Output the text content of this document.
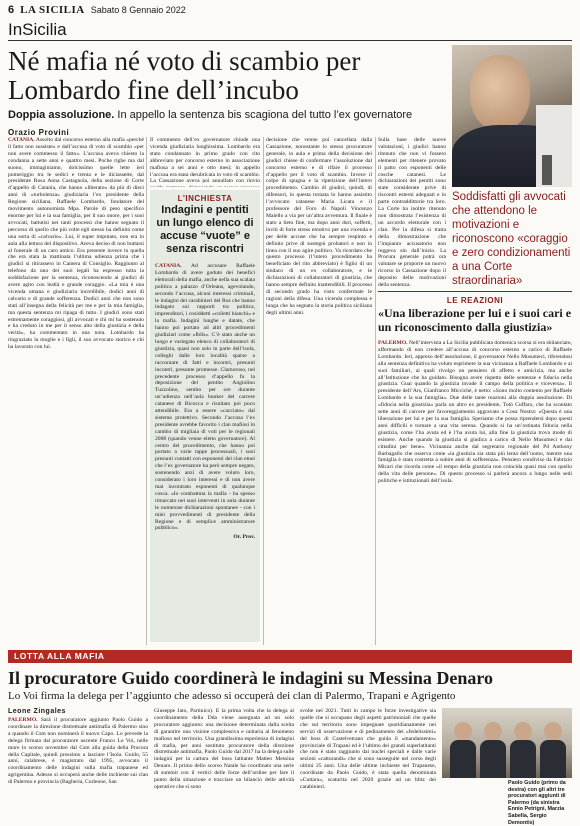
6 LA SICILIA Sabato 8 Gennaio 2022
InSicilia
Né mafia né voto di scambio per Lombardo fine dell’incubo
Doppia assoluzione. In appello la sentenza bis scagiona del tutto l’ex governatore
Orazio Provini
CATANIA. Assolto dal concorso esterno alla mafia «perché il fatto non sussiste» e dall’accusa di voto di scambio «per non avere commesso il fatto». L’accusa aveva chiesto la condanna a sette anni e quattro mesi. Poche righe ma dal suono, immaginiamo, dolcissimo quelle lette ieri pomeriggio tra le sedici e trenta e le diciassette, dal presidente Rosa Anna Castagnola, della sezione di Corte d’appello di Catania, che hanno «liberato» da più di dieci anni di «turbolenza» giudiziaria l’ex presidente della Regione siciliana, Raffaele Lombardo, fondatore del movimento autonomista Mpa. Parole di peso specifico enorme per lui e la sua famiglia, per il suo onore, per i suoi avvocati, battutisi nei tanti processi che hanno segnato il percorso di quello che più volte egli stesso ha definito come una sorta di «calvario». Lui, il super imputato, non era in aula alla lettura del dispositivo. Aveva deciso di non buttarsi al funerale di un caro amico. Era presente invece in quella che era stata la mattinata l’ultima udienza prima che i giudici si ritirassero in Camera di Consiglio. Raggiunto al telefono da uno dei suoi legali ha espresso tutta la soddisfazione per la sentenza, riconoscendo ai giudici di avere agito con lealtà e grande coraggio. «La mia è una vicenda umana e giudiziaria incredibile, dodici anni di calvario e di grande sofferenza. Dodici anni che non sono stati all’insegna della felicità per me e per la mia famiglia, ma questa sentenza mi ripaga di tutto. I giudici sono stati estremamente coraggiosi, gli avvocati e chi mi ha sostenuto e ha creduto in me per il senso alto della giustizia e della verità», ha commentato in una nota. Lombardo ha ringraziato la moglie e i figli, il suo avvocato storico e chi ha lavorato con lui.
Il commento dell’ex governatore chiude una vicenda giudiziaria lunghissima. Lombardo era stato condannato in primo grado con rito abbreviato per concorso esterno in associazione mafiosa a sei anni e otto mesi; in appello l’accusa era stata derubricata in voto di scambio. La Cassazione aveva poi annullato con rinvio
L'INCHIESTA
Indagini e pentiti un lungo elenco di accuse “vuote” e senza riscontri
CATANIA. Ad accusare Raffaele Lombardo di avere goduto dei benefici elettorali della mafia, anche nella sua scalata politica a palazzo d’Orleans, agevolando, secondo l’accusa, alcuni interessi criminali, le indagini dei carabinieri del Ros che hanno indagato sui rapporti tra politica, imprenditori, i cosiddetti «colletti bianchi» e la mafia. Indagini lunghe e datate, che hanno poi portato ad altri procedimenti giudiziari come «Iblis». C’è stato anche un lungo e variegato elenco di collaboratori di giustizia, quasi non solo in parte dell’isola, colleghi dalle loro località sparse a raccontare di fatti e incontri, presunti incontri, presunte promesse. Clamoroso, nel precedente processo d’appello fu la deposizione del pentito Angiolino Tuzzolino, sentito per ore durante un’udienza nell’aula bunker del carcere catanese di Bicocca e risultato poi poco attendibile. Era a essere «cacciato» dal sistema protettivo. Secondo l’accusa l’ex presidente avrebbe favorito i clan mafiosi in cambio di migliaia di voti per le regionali 2008 (quando venne eletto governatore). Al centro del procedimento, che hanno poi portato a varie tappe processuali, i suoi presunti contatti con esponenti dei clan etnei che l’ex governatore ha però sempre negato, sostenendo anzi di avere voluto loro, considerato i loro interessi e di non avere mai incontrato esponenti di qualunque cosca. «Io combattuta la mafia - ha spesso rimarcato nei suoi interventi in aula durante le numerose dichiarazioni spontanee - con i miei provvedimenti di presidente della Regione e di semplice amministratore pubblico».
Or. Prov.
decisione che venne poi cancellata dalla Cassazione, nonostante lo stesso procuratore generale, in aula e prima della decisione dei giudici chiese di confermare l’assoluzione dal concorso esterno e di rifare il processo d’appello per il voto di scambio. Invece il colpo di spugna e la ripetizione dell’intero procedimento. Cambio di giudici, quindi, di difensori, in questa tornata lo hanno assistito l’avvocato catanese Maria Licata e il professore del Foro di Napoli Vincenzo Maiello a via per un’altra avventura. Il finale è stato a lieto fine, ma dopo anni duri, sofferti, inviti di forte stress emotivo per una vicenda e per delle accuse che ha sempre respinto e definito prive di sostegni probatori e non in linea con il suo agire politico. Va ricordato che questo processo (l’intero procedimento ha beneficiato del rito abbreviato) è figlio di un sindaco di un ex collaboratore, e le dichiarazioni di collaboratori di giustizia, che hanno sempre definito inattendibili. Il processo di secondo grado ha visto confermate le ragioni della difesa. Una vicenda complessa e lunga che ha segnato la storia politica siciliana degli ultimi anni.
Sulla base delle nuove valutazioni, i giudici hanno ritenuto che non vi fossero elementi per ritenere provato il patto con esponenti delle cosche catanesi. Le dichiarazioni dei pentiti sono state considerate prive di riscontri esterni adeguati e in parte contraddittorie tra loro. La Corte ha inoltre ritenuto non dimostrata l’esistenza di un accordo elettorale con i clan. Per la difesa si tratta della dimostrazione che l’impianto accusatorio non reggeva sin dall’inizio. La Procura generale potrà ora valutare se proporre un nuovo ricorso in Cassazione dopo il deposito delle motivazioni della sentenza.
Soddisfatti gli avvocati che attendono le motivazioni e riconoscono «coraggio e zero condizionamenti a una Corte straordinaria»
LE REAZIONI
«Una liberazione per lui e i suoi cari e un riconoscimento dalla giustizia»
PALERMO. Nell’intervista a La Sicilia pubblicata domenica scorsa si era sbilanciato, affermando di non credere all’accusa di concorso esterno a carico di Raffaele Lombardo. Ieri, appreso dell’assoluzione, il governatore Nello Musumeci, riferendosi alla sentenza definitiva ha voluto esprimere la sua vicinanza a Raffaele Lombardo e ai suoi familiari, ai quali rivolgo un pensiero di affetto e amicizia, ma anche all’Istituzione che ha guidato. Bisogna avere rispetto delle sentenze e fiducia nella giustizia. Guai quando la giustizia invade il campo della politica e viceversa». Il presidente dell’Ars, Gianfranco Miccichè, è netto: «Sono molto contento per Raffaele Lombardo e la sua famiglia». Due delle tante reazioni alla doppia assoluzione. Di «fiducia nella giustizia» parla un altro ex presidente, Totò Cuffaro, che ha scontato sette anni di carcere per favoreggiamento aggravato a Cosa Nostra: «Questa è una liberazione per lui e per la sua famiglia. Speriamo che possa riprendersi dopo questi anni difficili e tornare a una vita serena. Quando si ha un’ostinata fiducia nella giustizia, come l’ha avuta ed è l’ha avuta lui, alla fine la giustizia trova modo di esistere. Anche quando la giustizia si giudica a carico di Nello Musumeci e dai cittadini per bene». Vicinanza anche dal segretario regionale del Pd Anthony Barbagallo che osserva come «la giustizia sia stata più lenta dell’uomo, mentre una famiglia è stata costretta a subire anni di sofferenza». Pensiero condiviso da Fabrizio Micari che ricorda come «il tempo della giustizia non coincida quasi mai con quello della vita delle persone». Di questo processo si parlerà ancora a lungo nelle sedi politiche e istituzionali dell’isola.
LOTTA ALLA MAFIA
Il procuratore Guido coordinerà le indagini su Messina Denaro
Lo Voi firma la delega per l’aggiunto che adesso si occuperà dei clan di Palermo, Trapani e Agrigento
Leone Zingales
PALERMO. Sarà il procuratore aggiunto Paolo Guido a coordinare la direzione distrettuale antimafia di Palermo sino a quando il Csm non nominerà il nuovo Capo. Lo prevede la delega firmata dal procuratore uscente Franco Lo Voi, nelle more lo scorso novembre dal Csm alla guida della Procura della Capitale, quindi prossimo a lasciare l’Isola. Guido, 55 anni, calabrese, è magistrato dal 1995, avvocato il coordinamento delle indagini sulla mafia trapanese ed agrigentina. Adesso si occuperà anche delle inchieste sui clan di Palermo e provincia (Bagheria, Corleone, San
Giuseppe Jato, Partinico). E la prima volta che la delega al coordinamento della Dda viene assegnata ad un solo procuratore aggiunto: una decisione determinata dalla scelta di garantire una visione complessiva e unitaria al fenomeno mafioso nel territorio. Una grandissima esperienza di indagini di mafia, per anni sostituto procuratore della direzione distrettuale antimafia, Paolo Guido dal 2017 ha la delega sulle indagini per la cattura del boss latitante Matteo Messina Denaro. Il primo dello scorso Natale ha coordinato una serie di summit con il vertici delle forze dell’ordine per fare il punto della situazione e tracciare un bilancio delle attività operative che si sono
svolte nel 2021. Tutti in campo le forze investigative sia quelle che si occupano degli aspetti patrimoniali che quelle che sul territorio sono impegnate quotidianamente nei servizi di osservazione e di pedinamento dei «fedelissimi» del boss di Castelvetrano che guida il «mandamento» provinciale di Trapani ed è l’ultimo dei grandi superlatitanti che non è stato raggiunto dai nuclei speciali e dalle varie sezioni «catturandi» che si sono susseguite nel corso degli ultimi 25 anni. Una delle ultime inchieste nel Trapanese, coordinate da Paolo Guido, è stata quella denominata «Cuttara», scaturita nel 2020 grazie ad un blitz dei carabinieri.
Paolo Guido (primo da destra) con gli altri tre procuratori aggiunti di Palermo (da sinistra Ennio Petrigni, Marzia Sabella, Sergio Demontis)
